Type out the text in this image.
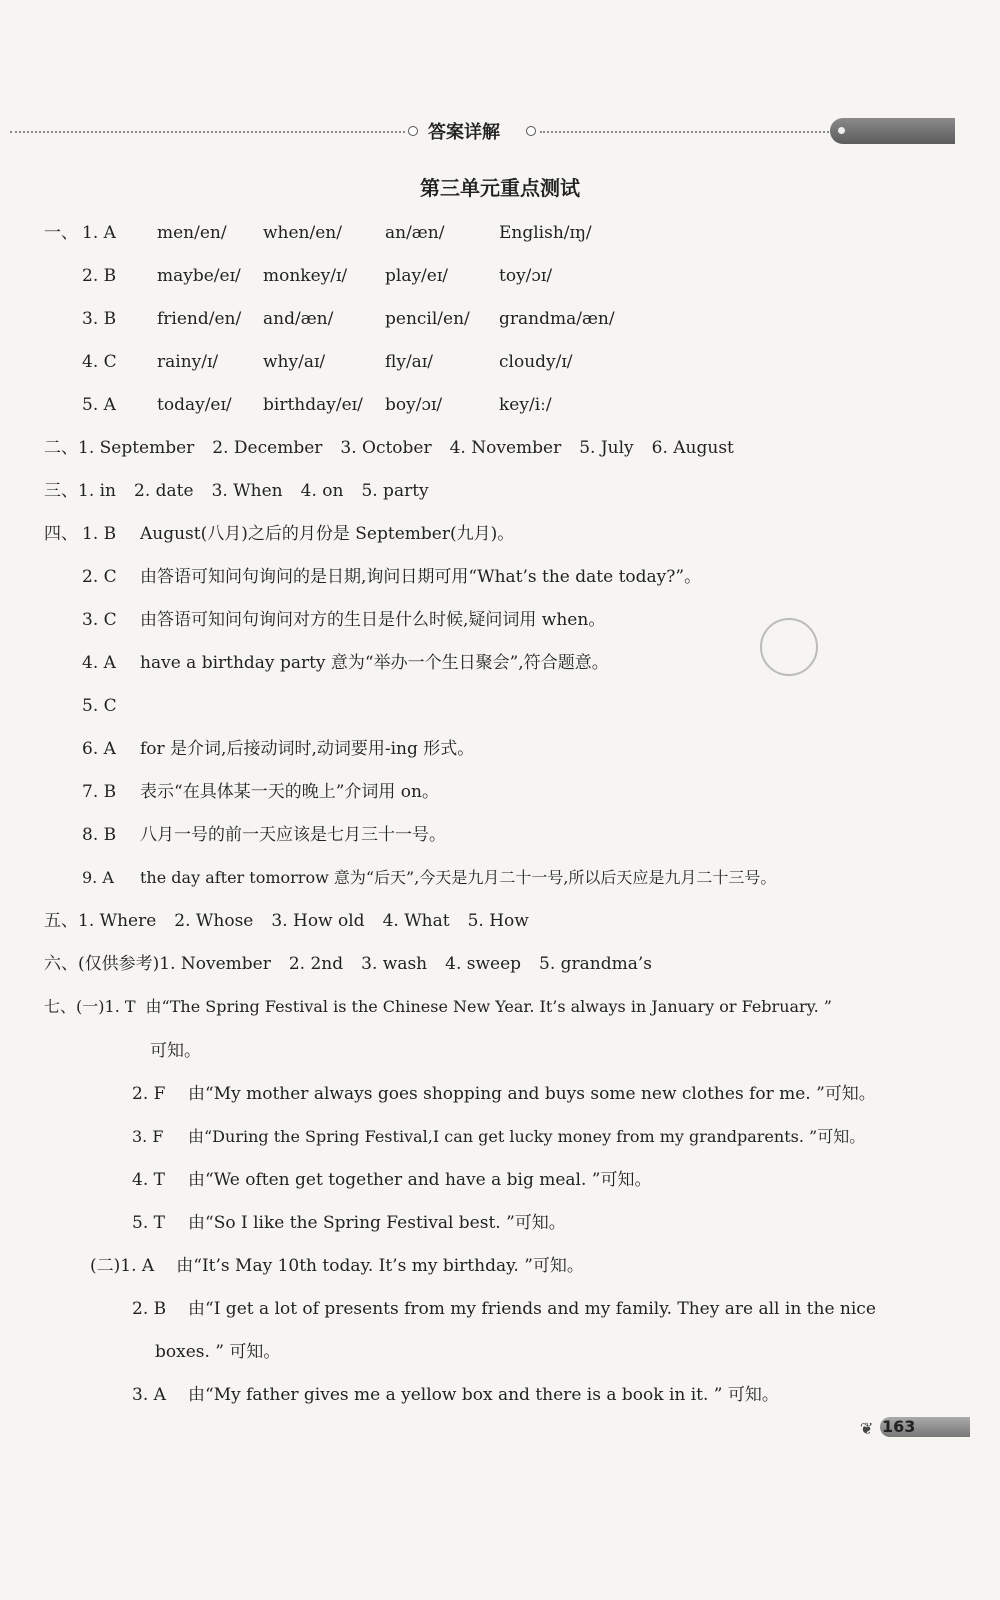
答案详解
第三单元重点测试
一、 1. A men/en/ when/en/	an/æn/	English/ɪŋ/
2. B maybe/eɪ/ monkey/ɪ/ play/eɪ/	toy/ɔɪ/
3. B friend/en/ and/æn/	pencil/en/ grandma/æn/
4. C rainy/ɪ/	why/aɪ/	fly/aɪ/	cloudy/ɪ/
5. A today/eɪ/ birthday/eɪ/ boy/ɔɪ/	key/iː/
二、1. September 2. December 3. October 4. November 5. July 6. August
三、1. in 2. date 3. When 4. on 5. party
四、 1. B August(八月)之后的月份是 September(九月)。
2. C 由答语可知问句询问的是日期,询问日期可用“What’s the date today?”。
3. C 由答语可知问句询问对方的生日是什么时候,疑问词用 when。
4. A have a birthday party 意为“举办一个生日聚会”,符合题意。
5. C
6. A for 是介词,后接动词时,动词要用-ing 形式。
7. B 表示“在具体某一天的晚上”介词用 on。
8. B 八月一号的前一天应该是七月三十一号。
9. A the day after tomorrow 意为“后天”,今天是九月二十一号,所以后天应是九月二十三号。
五、1. Where 2. Whose 3. How old 4. What 5. How
六、(仅供参考)1. November 2. 2nd 3. wash 4. sweep 5. grandma’s
七、(一)1. T 由“The Spring Festival is the Chinese New Year. It’s always in January or February. ”
可知。
2. F 由“My mother always goes shopping and buys some new clothes for me. ”可知。
3. F 由“During the Spring Festival,I can get lucky money from my grandparents. ”可知。
4. T 由“We often get together and have a big meal. ”可知。
5. T 由“So I like the Spring Festival best. ”可知。
(二)1. A 由“It’s May 10th today. It’s my birthday. ”可知。
2. B 由“I get a lot of presents from my friends and my family. They are all in the nice
boxes. ” 可知。
3. A 由“My father gives me a yellow box and there is a book in it. ” 可知。
❦ 163
